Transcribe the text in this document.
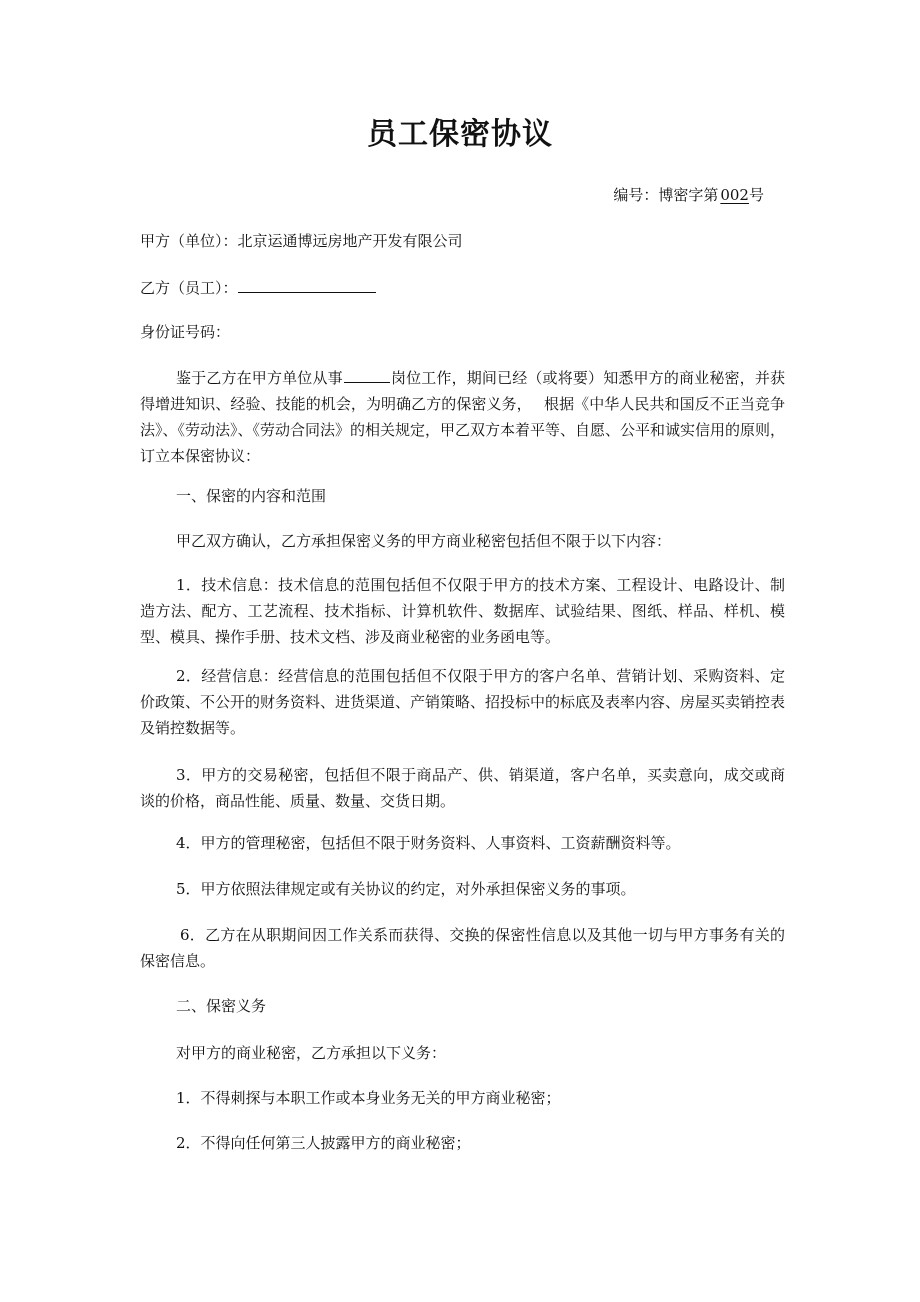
员工保密协议
编号：博密字第 002号
甲方（单位）：北京运通博远房地产开发有限公司
乙方（员工）：
身份证号码：
鉴于乙方在甲方单位从事	岗位工作，期间已经（或将要）知悉甲方的商业秘密，并获得增进知识、经验、技能的机会，为明确乙方的保密义务，　 根据《中华人民共和国反不正当竞争法》、《劳动法》、《劳动合同法》的相关规定，甲乙双方本着平等、自愿、公平和诚实信用的原则，订立本保密协议：
一、保密的内容和范围
甲乙双方确认，乙方承担保密义务的甲方商业秘密包括但不限于以下内容：
1．技术信息：技术信息的范围包括但不仅限于甲方的技术方案、工程设计、电路设计、制造方法、配方、工艺流程、技术指标、计算机软件、数据库、试验结果、图纸、样品、样机、模型、模具、操作手册、技术文档、涉及商业秘密的业务函电等。
2．经营信息：经营信息的范围包括但不仅限于甲方的客户名单、营销计划、采购资料、定价政策、不公开的财务资料、进货渠道、产销策略、招投标中的标底及表率内容、房屋买卖销控表及销控数据等。
3．甲方的交易秘密，包括但不限于商品产、供、销渠道，客户名单，买卖意向，成交或商谈的价格，商品性能、质量、数量、交货日期。
4．甲方的管理秘密，包括但不限于财务资料、人事资料、工资薪酬资料等。
5．甲方依照法律规定或有关协议的约定，对外承担保密义务的事项。
6．乙方在从职期间因工作关系而获得、交换的保密性信息以及其他一切与甲方事务有关的保密信息。
二、保密义务
对甲方的商业秘密，乙方承担以下义务：
1．不得刺探与本职工作或本身业务无关的甲方商业秘密；
2．不得向任何第三人披露甲方的商业秘密；
